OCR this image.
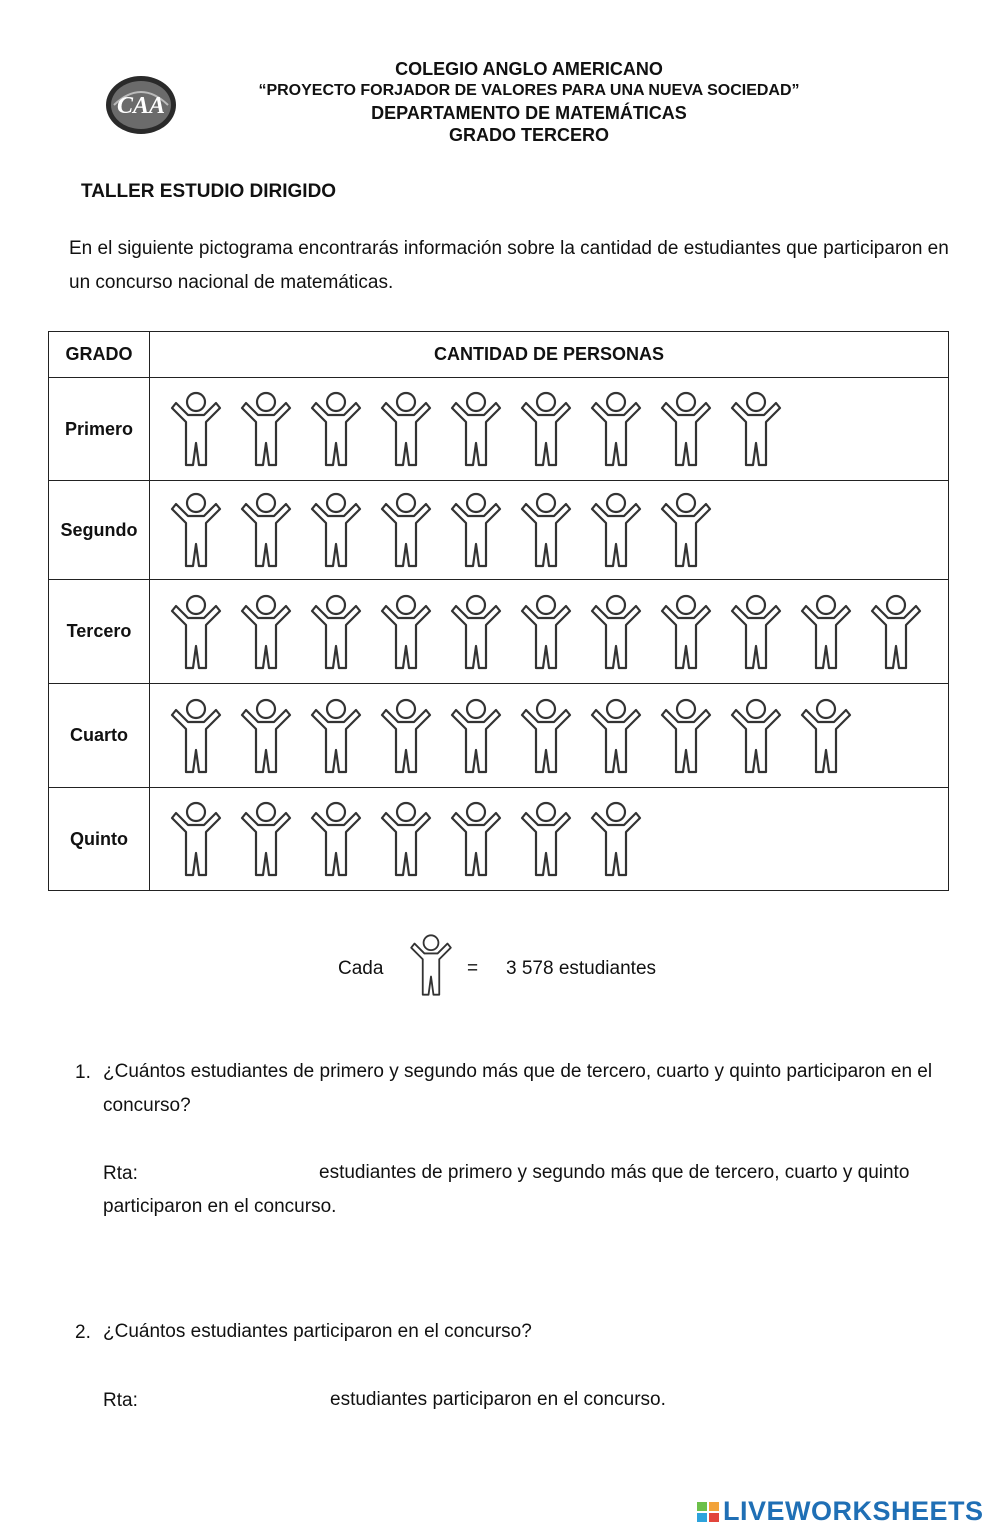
CAA
COLEGIO ANGLO AMERICANO
“PROYECTO FORJADOR DE VALORES PARA UNA NUEVA SOCIEDAD”
DEPARTAMENTO DE MATEMÁTICAS
GRADO TERCERO
TALLER ESTUDIO DIRIGIDO
En el siguiente pictograma encontrarás información sobre la cantidad de estudiantes que participaron en un concurso nacional de matemáticas.
GRADO	CANTIDAD DE PERSONAS
Primero	

Segundo	

Tercero	

Cuarto	

Quinto	
Cada	= 3 578 estudiantes
1. ¿Cuántos estudiantes de primero y segundo más que de tercero, cuarto y quinto participaron en el concurso?
Rta:	estudiantes de primero y segundo más que de tercero, cuarto y quinto
participaron en el concurso.
2. ¿Cuántos estudiantes participaron en el concurso?
Rta:	estudiantes participaron en el concurso.
LIVEWORKSHEETS
